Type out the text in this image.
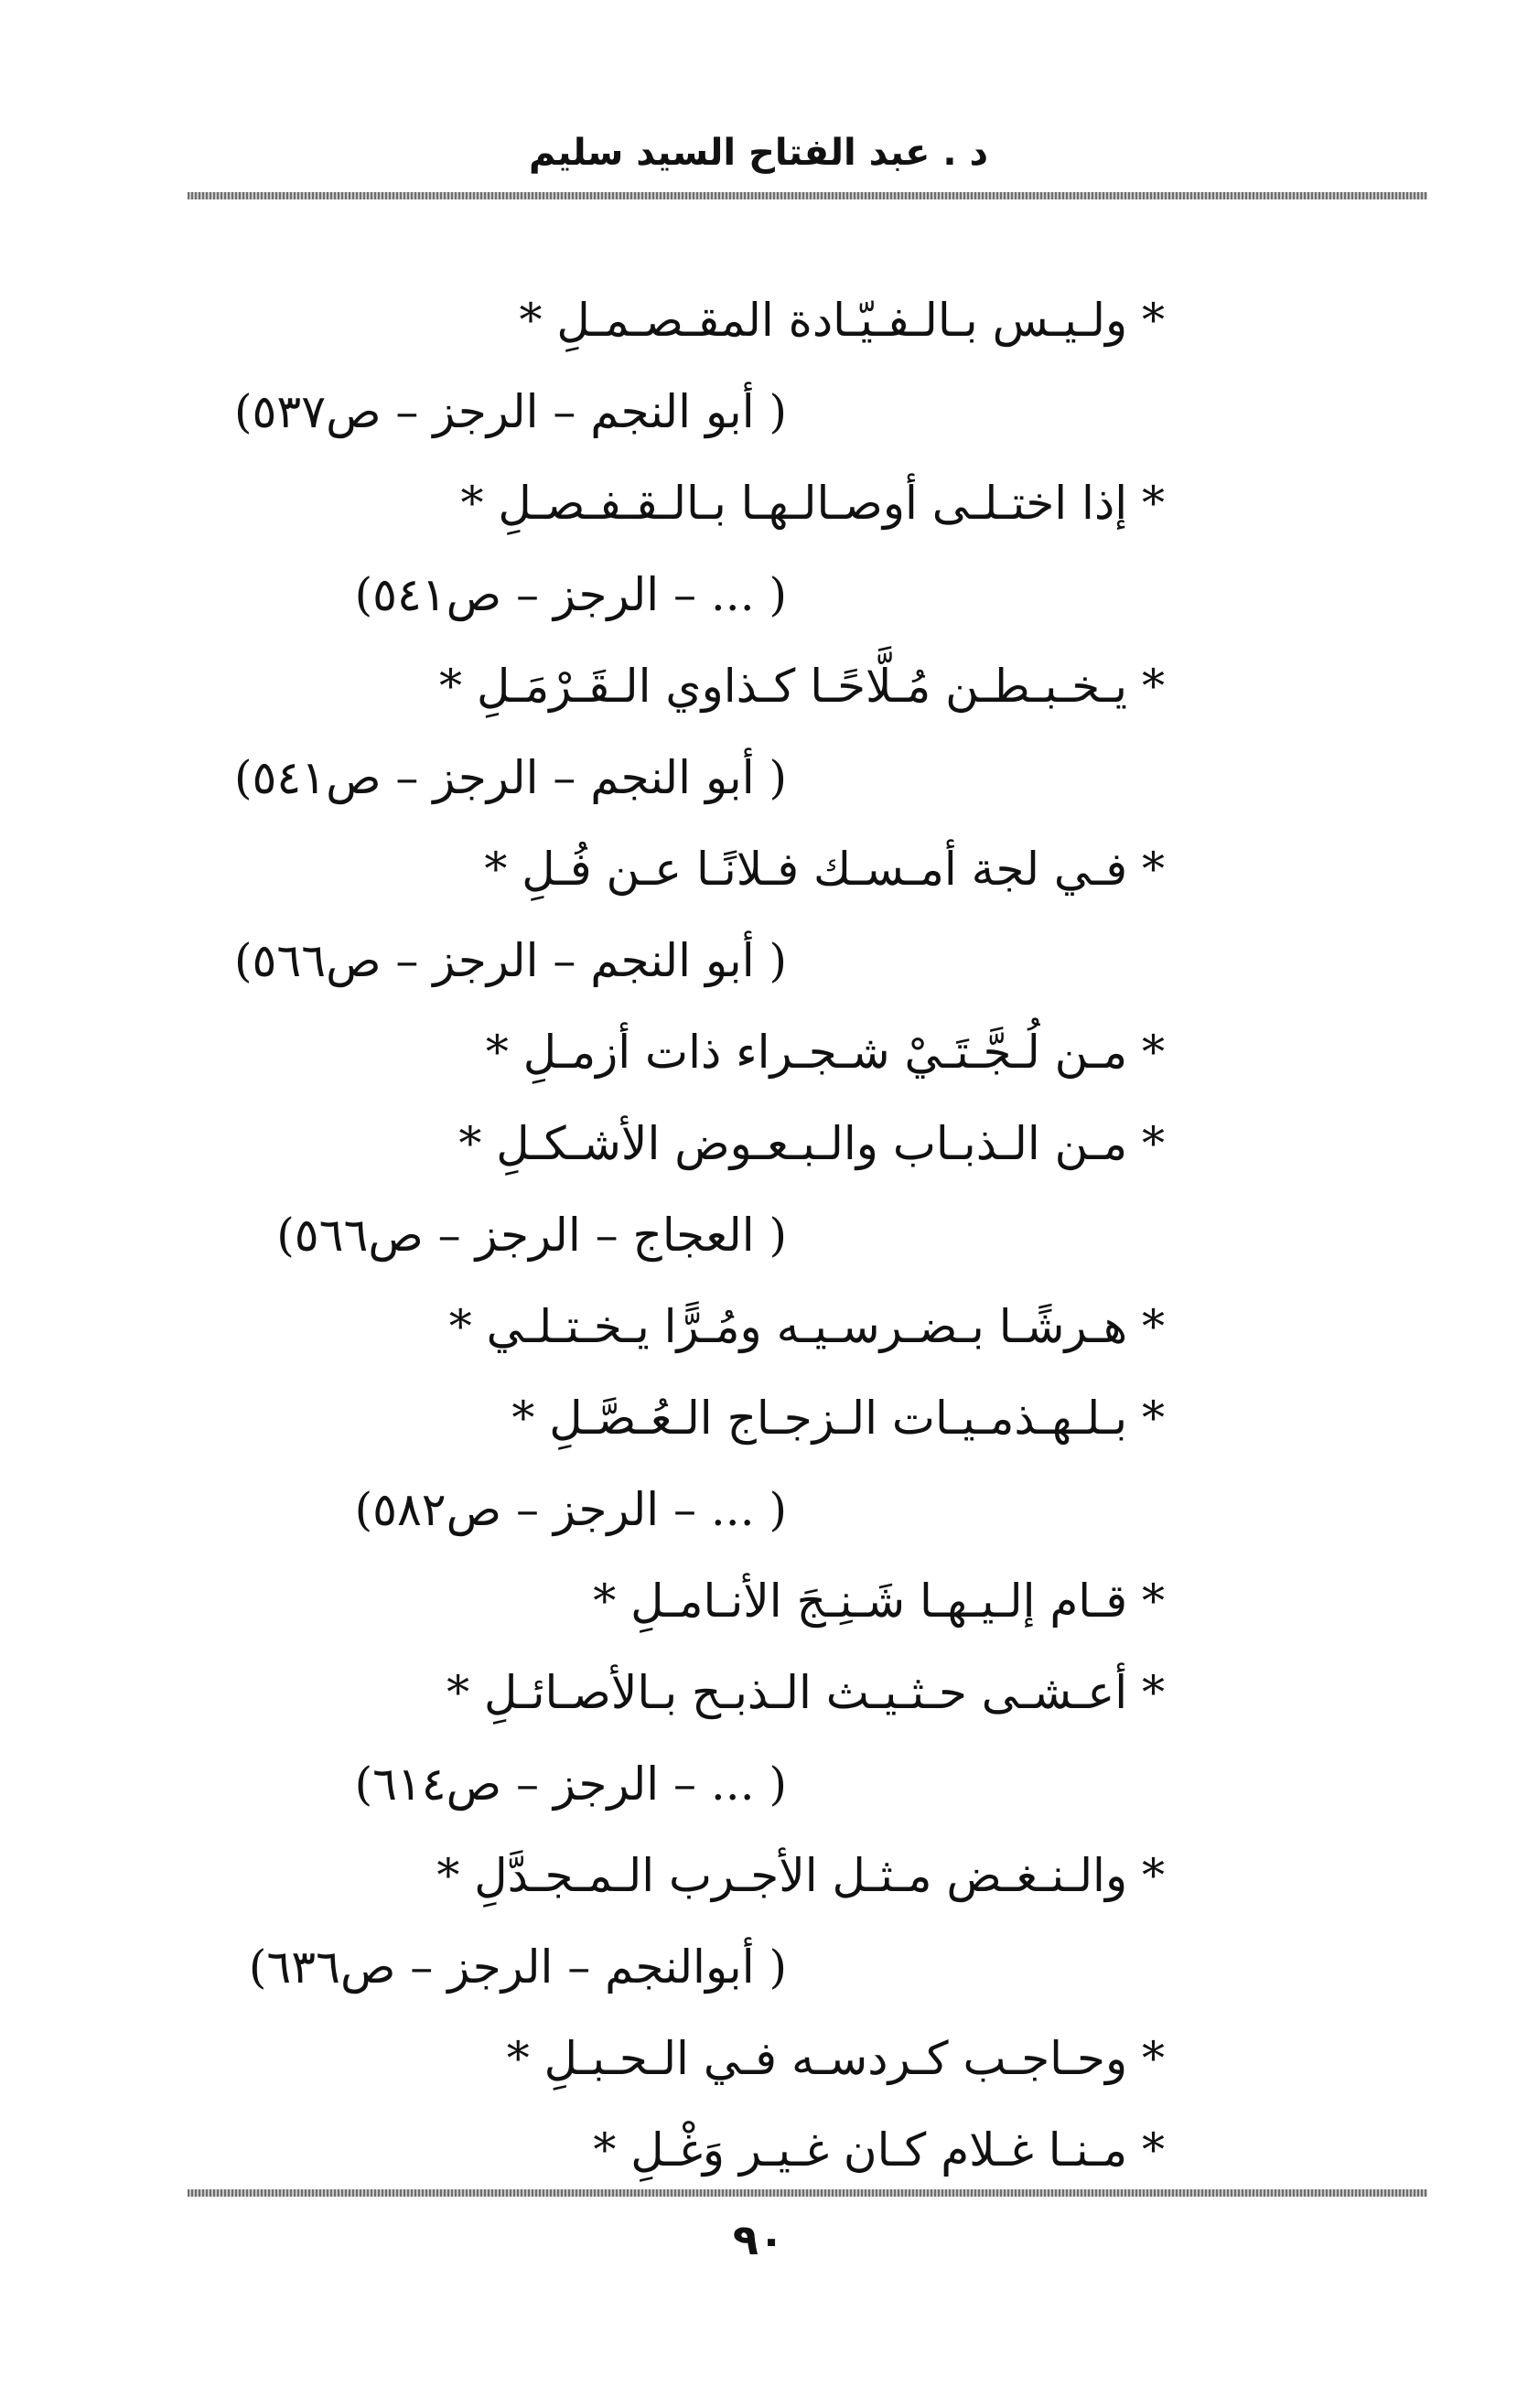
د . عبد الفتاح السيد سليم
* ولـيـس بـالـفـيّـادة المقـصـمـلِ *
( أبو النجم – الرجز – ص٥٣٧)
* إذا اختـلـى أوصـالـهـا بـالـقـفـصـلِ *
( ... – الرجز – ص٥٤١)
* يـخـبـطـن مُـلَّاحًـا كـذاوي الـقَـرْمَـلِ *
( أبو النجم – الرجز – ص٥٤١)
* فـي لجة أمـسـك فـلانًـا عـن فُـلِ *
( أبو النجم – الرجز – ص٥٦٦)
* مـن لُـجَّـتَـيْ شـجـراء ذات أزمـلِ *
* مـن الـذبـاب والـبـعـوض الأشـكـلِ *
( العجاج – الرجز – ص٥٦٦)
* هـرشًـا بـضـرسـيـه ومُـرًّا يـخـتـلـي *
* بـلـهـذمـيـات الـزجـاج الـعُـصَّـلِ *
( ... – الرجز – ص٥٨٢)
* قـام إلـيـهـا شَـنِـجَ الأنـامـلِ *
* أعـشـى حـثـيـث الـذبـح بـالأصـائـلِ *
( ... – الرجز – ص٦١٤)
* والـنـغـض مـثـل الأجـرب الـمـجـدَّلِ *
( أبوالنجم – الرجز – ص٦٣٦)
* وحـاجـب كـردسـه فـي الـحـبـلِ *
* مـنـا غـلام كـان غـيـر وَغْـلِ *
٩٠
